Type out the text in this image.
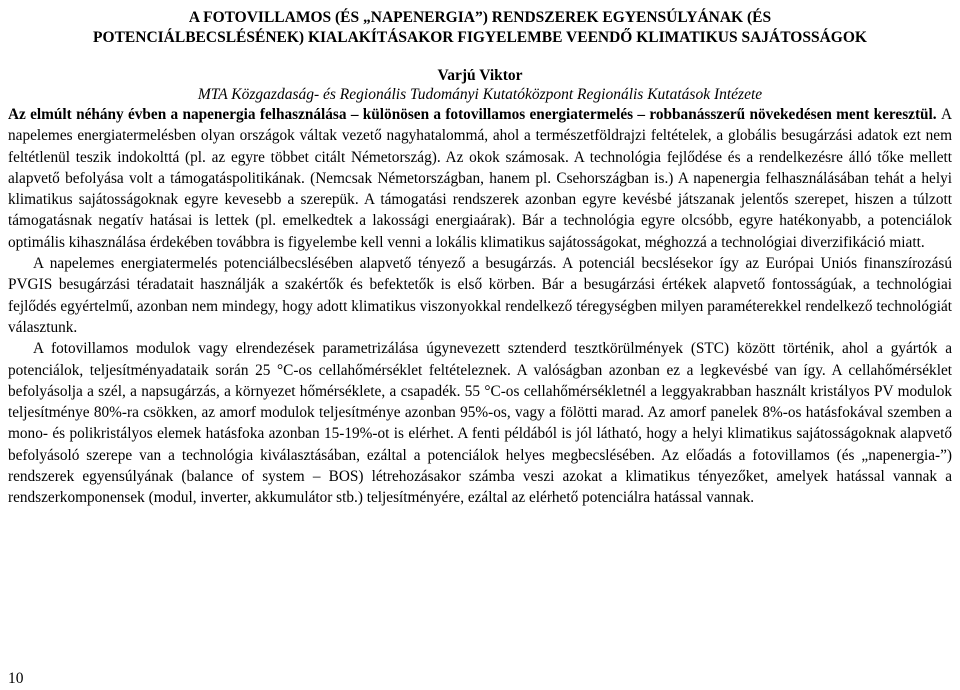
A FOTOVILLAMOS (ÉS „NAPENERGIA”) RENDSZEREK EGYENSÚLYÁNAK (ÉS
POTENCIÁLBECSLÉSÉNEK) KIALAKÍTÁSAKOR FIGYELEMBE VEENDŐ KLIMATIKUS SAJÁTOSSÁGOK
Varjú Viktor
MTA Közgazdaság- és Regionális Tudományi Kutatóközpont Regionális Kutatások Intézete

Az elmúlt néhány évben a napenergia felhasználása – különösen a fotovillamos energiatermelés – robbanásszerű növekedésen ment keresztül. A napelemes energiatermelésben olyan országok váltak vezető nagyhatalommá, ahol a természetföldrajzi feltételek, a globális besugárzási adatok ezt nem feltétlenül teszik indokolttá (pl. az egyre többet citált Németország). Az okok számosak. A technológia fejlődése és a rendelkezésre álló tőke mellett alapvető befolyása volt a támogatáspolitikának. (Nemcsak Németországban, hanem pl. Csehországban is.) A napenergia felhasználásában tehát a helyi klimatikus sajátosságoknak egyre kevesebb a szerepük. A támogatási rendszerek azonban egyre kevésbé játszanak jelentős szerepet, hiszen a túlzott támogatásnak negatív hatásai is lettek (pl. emelkedtek a lakossági energiaárak). Bár a technológia egyre olcsóbb, egyre hatékonyabb, a potenciálok optimális kihasználása érdekében továbbra is figyelembe kell venni a lokális klimatikus sajátosságokat, méghozzá a technológiai diverzifikáció miatt.

A napelemes energiatermelés potenciálbecslésében alapvető tényező a besugárzás. A potenciál becslésekor így az Európai Uniós finanszírozású PVGIS besugárzási téradatait használják a szakértők és befektetők is első körben. Bár a besugárzási értékek alapvető fontosságúak, a technológiai fejlődés egyértelmű, azonban nem mindegy, hogy adott klimatikus viszonyokkal rendelkező téregységben milyen paraméterekkel rendelkező technológiát választunk.

A fotovillamos modulok vagy elrendezések parametrizálása úgynevezett sztenderd tesztkörülmények (STC) között történik, ahol a gyártók a potenciálok, teljesítményadataik során 25 °C-os cellahőmérséklet feltételeznek. A valóságban azonban ez a legkevésbé van így. A cellahőmérséklet befolyásolja a szél, a napsugárzás, a környezet hőmérséklete, a csapadék. 55 °C-os cellahőmérsékletnél a leggyakrabban használt kristályos PV modulok teljesítménye 80%-ra csökken, az amorf modulok teljesítménye azonban 95%-os, vagy a fölötti marad. Az amorf panelek 8%-os hatásfokával szemben a mono- és polikristályos elemek hatásfoka azonban 15-19%-ot is elérhet. A fenti példából is jól látható, hogy a helyi klimatikus sajátosságoknak alapvető befolyásoló szerepe van a technológia kiválasztásában, ezáltal a potenciálok helyes megbecslésében. Az előadás a fotovillamos (és „napenergia-”) rendszerek egyensúlyának (balance of system – BOS) létrehozásakor számba veszi azokat a klimatikus tényezőket, amelyek hatással vannak a rendszerkomponensek (modul, inverter, akkumulátor stb.) teljesítményére, ezáltal az elérhető potenciálra hatással vannak.

10
